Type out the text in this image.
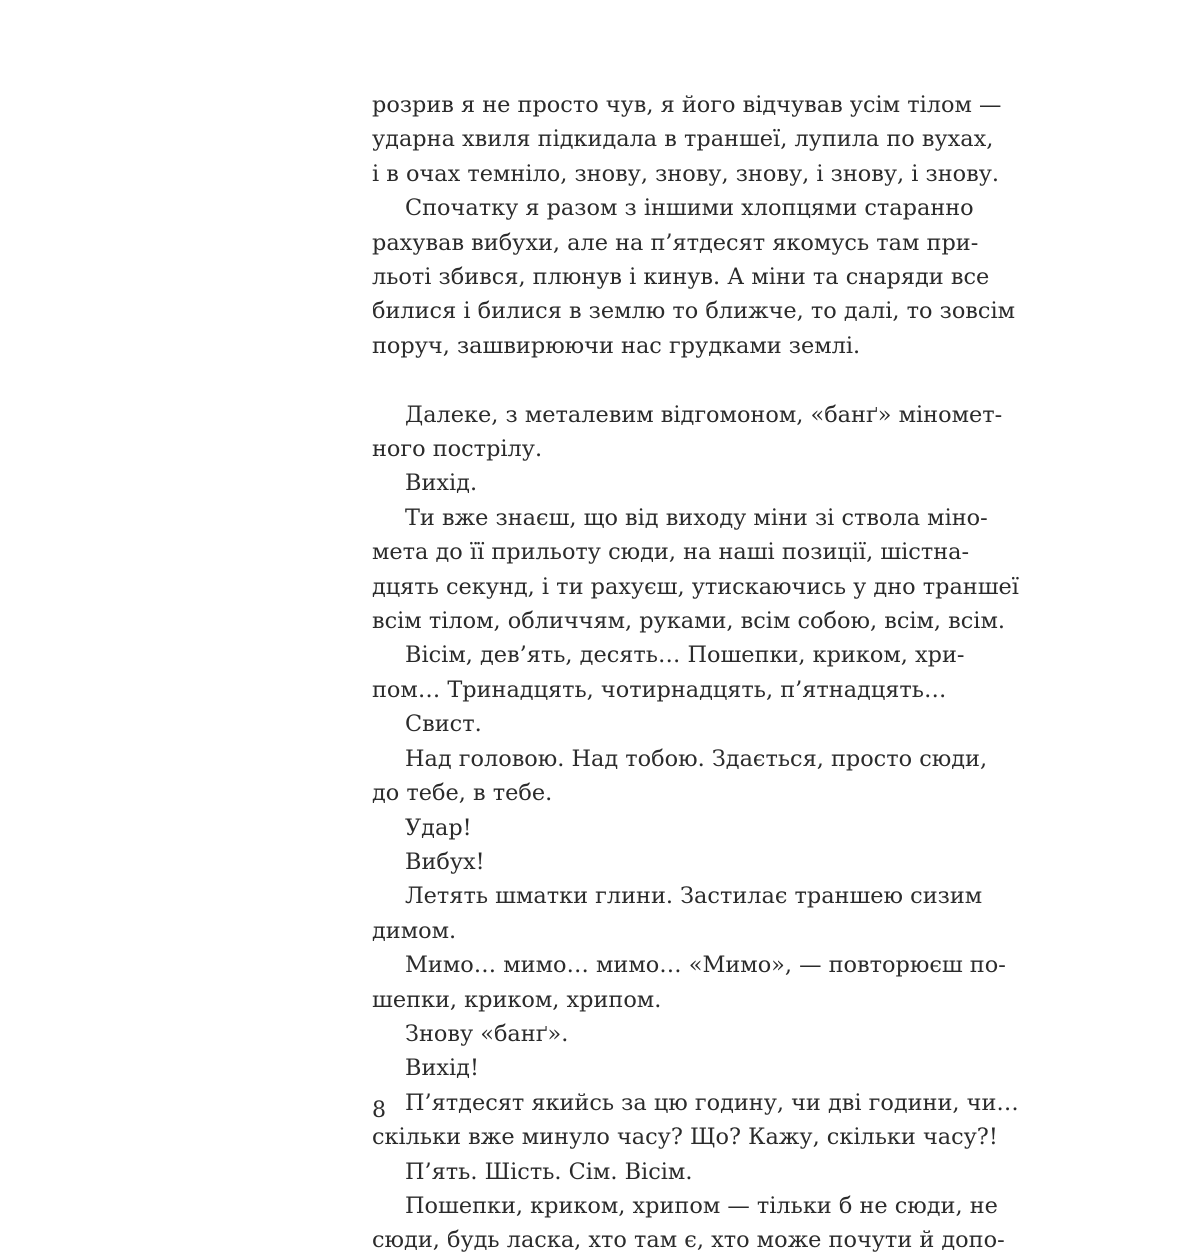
розрив я не просто чув, я його відчував усім тілом —
ударна хвиля підкидала в траншеї, лупила по вухах,
і в очах темніло, знову, знову, знову, і знову, і знову.
Спочатку я разом з іншими хлопцями старанно
рахував вибухи, але на п’ятдесят якомусь там при-
льоті збився, плюнув і кинув. А міни та снаряди все
билися і билися в землю то ближче, то далі, то зовсім
поруч, зашвирюючи нас грудками землі.
Далеке, з металевим відгомоном, «банґ» міномет-
ного пострілу.
Вихід.
Ти вже знаєш, що від виходу міни зі ствола міно-
мета до її прильоту сюди, на наші позиції, шістна-
дцять секунд, і ти рахуєш, утискаючись у дно траншеї
всім тілом, обличчям, руками, всім собою, всім, всім.
Вісім, дев’ять, десять… Пошепки, криком, хри-
пом… Тринадцять, чотирнадцять, п’ятнадцять…
Свист.
Над головою. Над тобою. Здається, просто сюди,
до тебе, в тебе.
Удар!
Вибух!
Летять шматки глини. Застилає траншею сизим
димом.
Мимо… мимо… мимо… «Мимо», — повторюєш по-
шепки, криком, хрипом.
Знову «банґ».
Вихід!
П’ятдесят якийсь за цю годину, чи дві години, чи…
скільки вже минуло часу? Що? Кажу, скільки часу?!
П’ять. Шість. Сім. Вісім.
Пошепки, криком, хрипом — тільки б не сюди, не
сюди, будь ласка, хто там є, хто може почути й допо-
8
